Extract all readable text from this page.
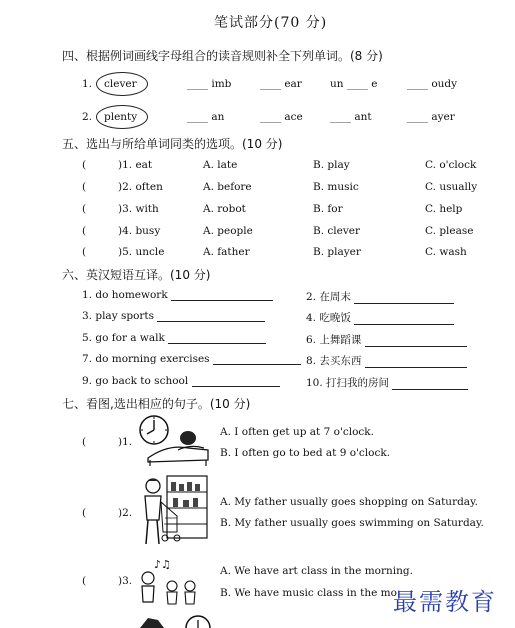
笔试部分(70 分)
四、根据例词画线字母组合的读音规则补全下列单词。(8 分)
1. clever	____ imb	____ ear	un ____ e	____ oudy
2. plenty	____ an	____ ace	____ ant	____ ayer
五、选出与所给单词同类的选项。(10 分)
(	)1. eat	A. late	B. play	C. o'clock
(	)2. often	A. before	B. music	C. usually
(	)3. with	A. robot	B. for	C. help
(	)4. busy	A. people	B. clever	C. please
(	)5. uncle	A. father	B. player	C. wash
六、英汉短语互译。(10 分)
1. do homework	2. 在周末
3. play sports	4. 吃晚饭
5. go for a walk	6. 上舞蹈课
7. do morning exercises	8. 去买东西
9. go back to school	10. 打扫我的房间
七、看图,选出相应的句子。(10 分)
(	)1.
A. I often get up at 7 o'clock.
B. I often go to bed at 9 o'clock.
(	)2.
A. My father usually goes shopping on Saturday.
B. My father usually goes swimming on Saturday.
(	)3.
♪♫	A. We have art class in the morning.
B. We have music class in the mo
最需教育
